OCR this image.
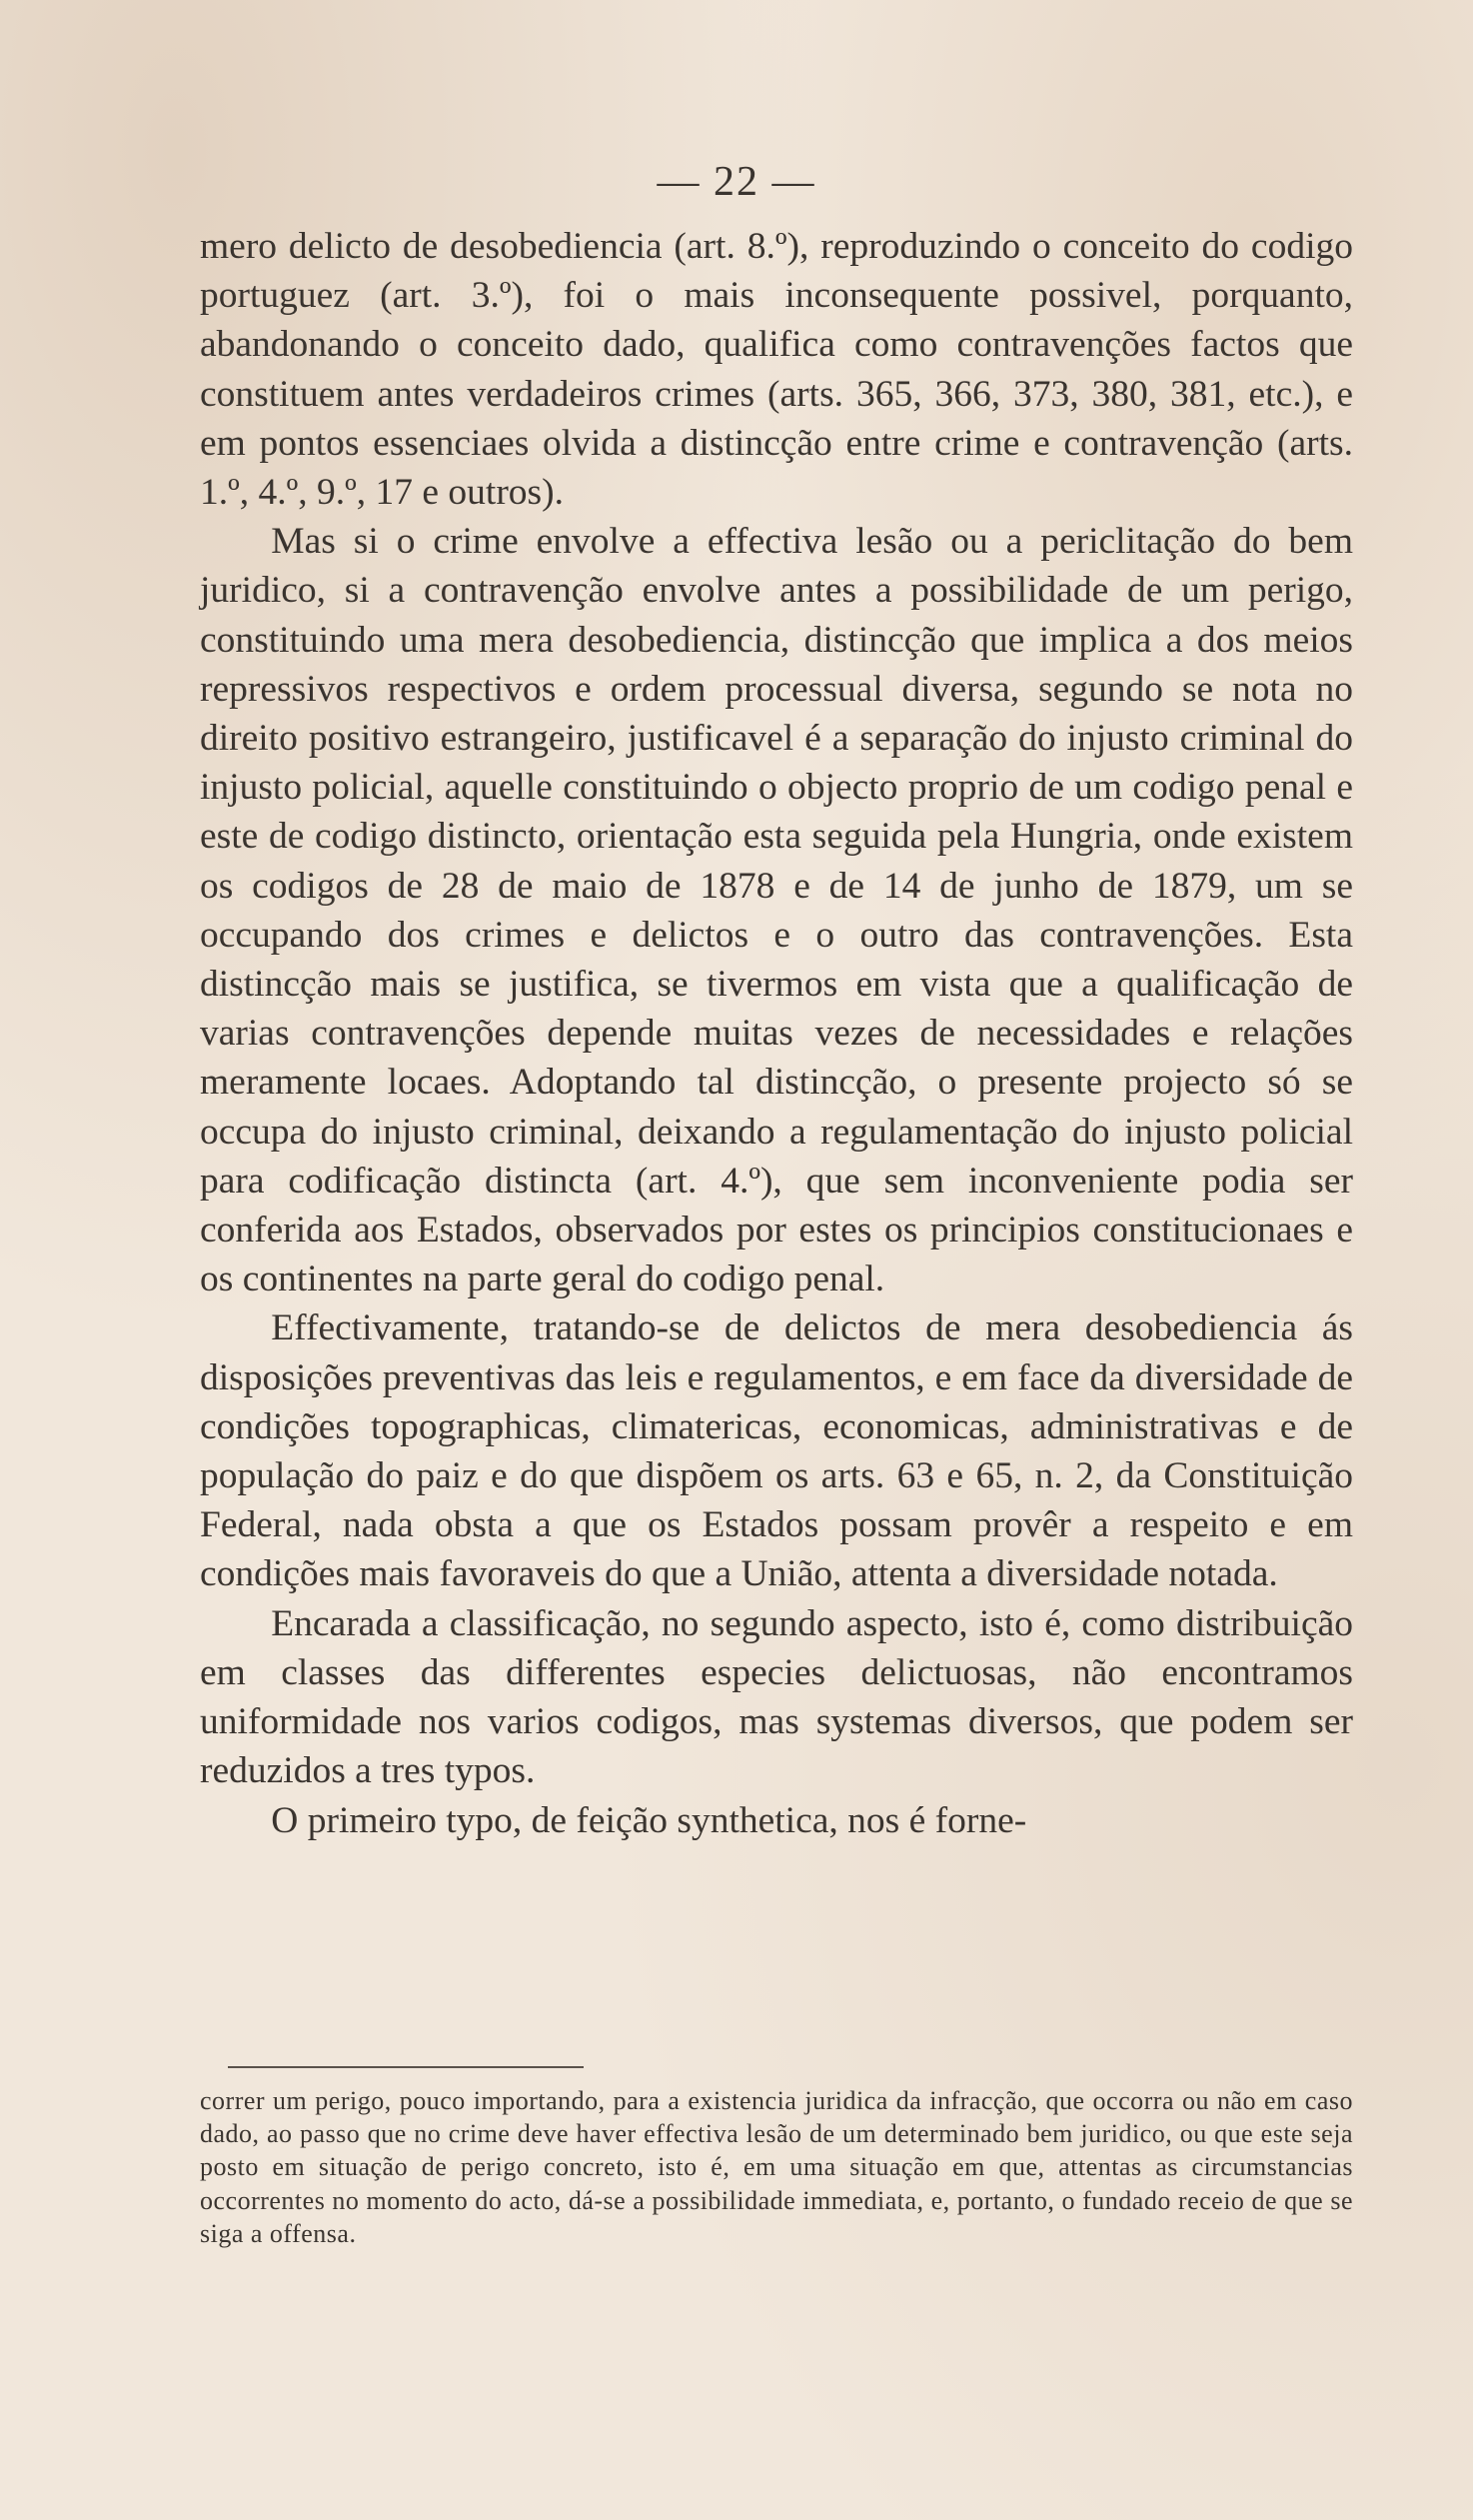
— 22 —

mero delicto de desobediencia (art. 8.º), reproduzindo o conceito do codigo portuguez (art. 3.º), foi o mais inconsequente possivel, porquanto, abandonando o conceito dado, qualifica como contravenções factos que constituem antes verdadeiros crimes (arts. 365, 366, 373, 380, 381, etc.), e em pontos essenciaes olvida a distincção entre crime e contravenção (arts. 1.º, 4.º, 9.º, 17 e outros).

Mas si o crime envolve a effectiva lesão ou a periclitação do bem juridico, si a contravenção envolve antes a possibilidade de um perigo, constituindo uma mera desobediencia, distincção que implica a dos meios repressivos respectivos e ordem processual diversa, segundo se nota no direito positivo estrangeiro, justificavel é a separação do injusto criminal do injusto policial, aquelle constituindo o objecto proprio de um codigo penal e este de codigo distincto, orientação esta seguida pela Hungria, onde existem os codigos de 28 de maio de 1878 e de 14 de junho de 1879, um se occupando dos crimes e delictos e o outro das contravenções. Esta distincção mais se justifica, se tivermos em vista que a qualificação de varias contravenções depende muitas vezes de necessidades e relações meramente locaes. Adoptando tal distincção, o presente projecto só se occupa do injusto criminal, deixando a regulamentação do injusto policial para codificação distincta (art. 4.º), que sem inconveniente podia ser conferida aos Estados, observados por estes os principios constitucionaes e os continentes na parte geral do codigo penal.

Effectivamente, tratando-se de delictos de mera desobediencia ás disposições preventivas das leis e regulamentos, e em face da diversidade de condições topographicas, climatericas, economicas, administrativas e de população do paiz e do que dispõem os arts. 63 e 65, n. 2, da Constituição Federal, nada obsta a que os Estados possam provêr a respeito e em condições mais favoraveis do que a União, attenta a diversidade notada.

Encarada a classificação, no segundo aspecto, isto é, como distribuição em classes das differentes especies delictuosas, não encontramos uniformidade nos varios codigos, mas systemas diversos, que podem ser reduzidos a tres typos.

O primeiro typo, de feição synthetica, nos é forne-

correr um perigo, pouco importando, para a existencia juridica da infracção, que occorra ou não em caso dado, ao passo que no crime deve haver effectiva lesão de um determinado bem juridico, ou que este seja posto em situação de perigo concreto, isto é, em uma situação em que, attentas as circumstancias occorrentes no momento do acto, dá-se a possibilidade immediata, e, portanto, o fundado receio de que se siga a offensa.
